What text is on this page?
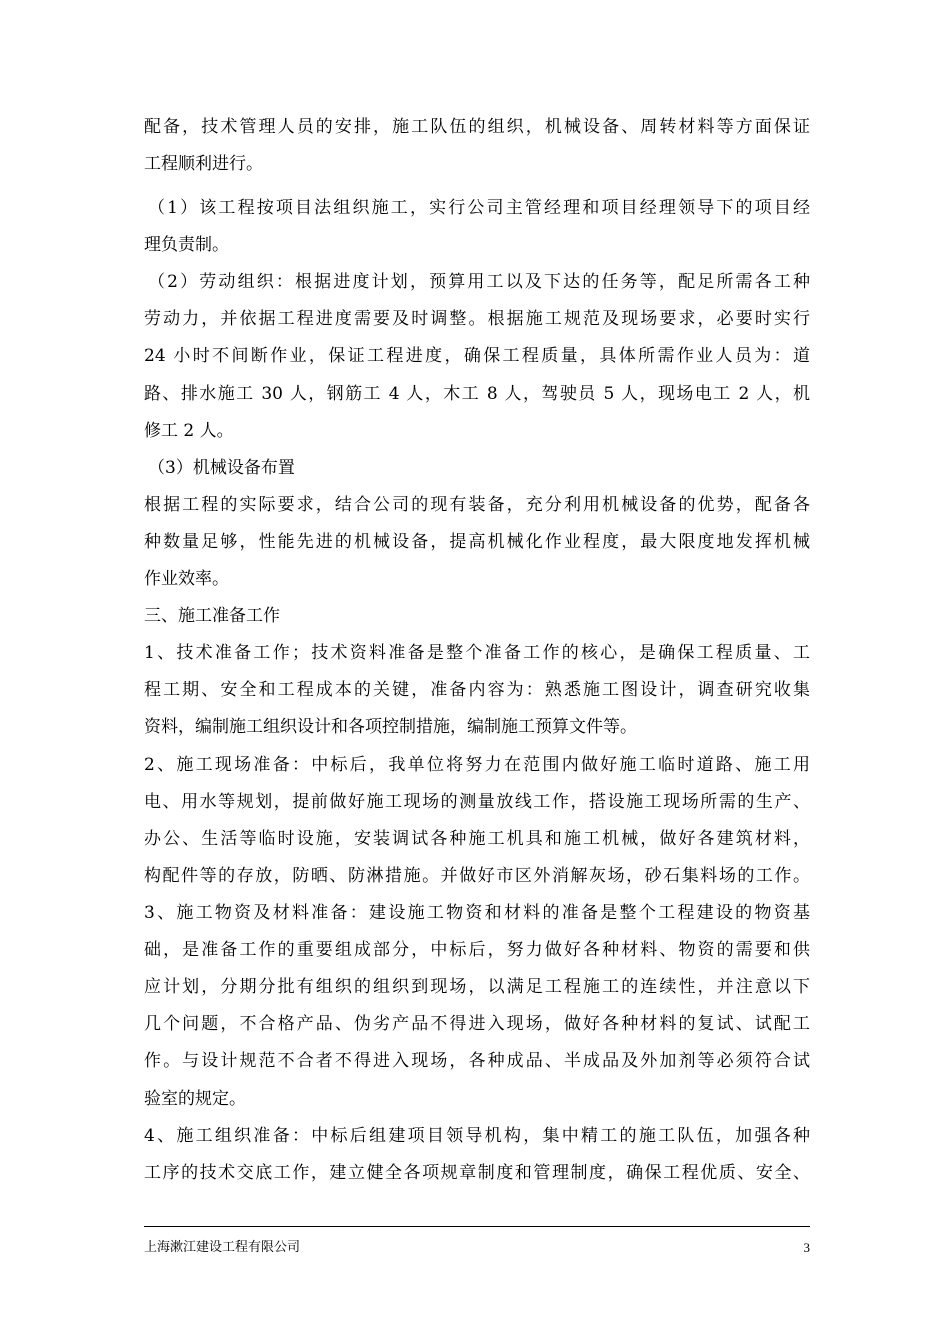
配备，技术管理人员的安排，施工队伍的组织，机械设备、周转材料等方面保证
工程顺利进行。
（1）该工程按项目法组织施工，实行公司主管经理和项目经理领导下的项目经
理负责制。
（2）劳动组织：根据进度计划，预算用工以及下达的任务等，配足所需各工种
劳动力，并依据工程进度需要及时调整。根据施工规范及现场要求，必要时实行
24 小时不间断作业，保证工程进度，确保工程质量，具体所需作业人员为：道
路、排水施工 30 人，钢筋工 4 人，木工 8 人，驾驶员 5 人，现场电工 2 人，机
修工 2 人。
（3）机械设备布置
根据工程的实际要求，结合公司的现有装备，充分利用机械设备的优势，配备各
种数量足够，性能先进的机械设备，提高机械化作业程度，最大限度地发挥机械
作业效率。
三、施工准备工作
1、技术准备工作；技术资料准备是整个准备工作的核心，是确保工程质量、工
程工期、安全和工程成本的关键，准备内容为：熟悉施工图设计，调查研究收集
资料，编制施工组织设计和各项控制措施，编制施工预算文件等。
2、施工现场准备：中标后，我单位将努力在范围内做好施工临时道路、施工用
电、用水等规划，提前做好施工现场的测量放线工作，搭设施工现场所需的生产、
办公、生活等临时设施，安装调试各种施工机具和施工机械，做好各建筑材料，
构配件等的存放，防晒、防淋措施。并做好市区外消解灰场，砂石集料场的工作。
3、施工物资及材料准备：建设施工物资和材料的准备是整个工程建设的物资基
础，是准备工作的重要组成部分，中标后，努力做好各种材料、物资的需要和供
应计划，分期分批有组织的组织到现场，以满足工程施工的连续性，并注意以下
几个问题，不合格产品、伪劣产品不得进入现场，做好各种材料的复试、试配工
作。与设计规范不合者不得进入现场，各种成品、半成品及外加剂等必须符合试
验室的规定。
4、施工组织准备：中标后组建项目领导机构，集中精工的施工队伍，加强各种
工序的技术交底工作，建立健全各项规章制度和管理制度，确保工程优质、安全、
上海漱江建设工程有限公司	3
